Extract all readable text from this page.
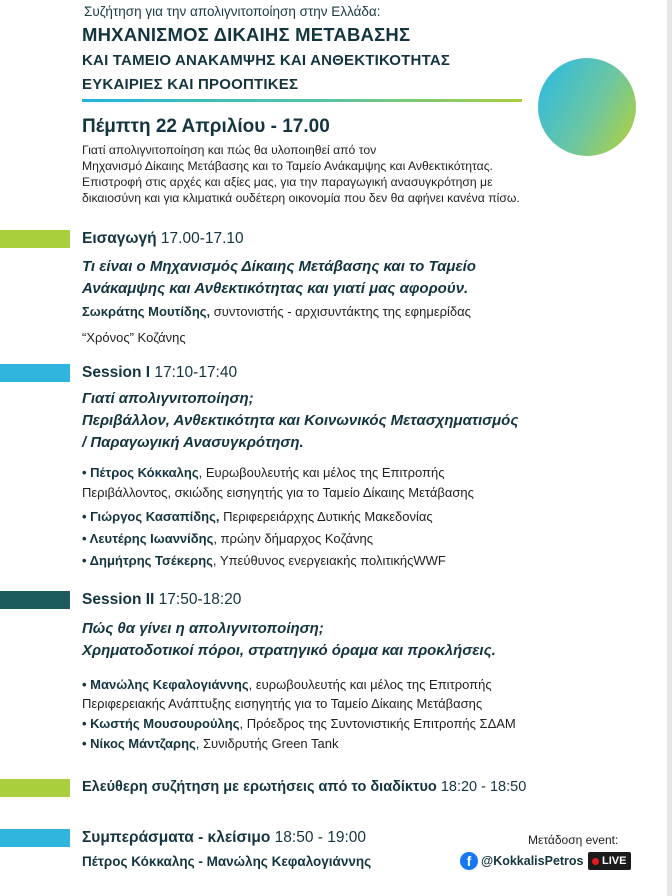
Συζήτηση για την απολιγνιτοποίηση στην Ελλάδα:
ΜΗΧΑΝΙΣΜΟΣ ΔΙΚΑΙΗΣ ΜΕΤΑΒΑΣΗΣ
ΚΑΙ ΤΑΜΕΙΟ ΑΝΑΚΑΜΨΗΣ ΚΑΙ ΑΝΘΕΚΤΙΚΟΤΗΤΑΣ
ΕΥΚΑΙΡΙΕΣ ΚΑΙ ΠΡΟΟΠΤΙΚΕΣ
Πέμπτη 22 Απριλίου - 17.00
Γιατί απολιγνιτοποίηση και πώς θα υλοποιηθεί από τον
Μηχανισμό Δίκαιης Μετάβασης και το Ταμείο Ανάκαμψης και Ανθεκτικότητας.
Επιστροφή στις αρχές και αξίες μας, για την παραγωγική ανασυγκρότηση με
δικαιοσύνη και για κλιματικά ουδέτερη οικονομία που δεν θα αφήνει κανένα πίσω.
Εισαγωγή 17.00-17.10
Τι είναι ο Μηχανισμός Δίκαιης Μετάβασης και το Ταμείο
Ανάκαμψης και Ανθεκτικότητας και γιατί μας αφορούν.
Σωκράτης Μουτίδης, συντονιστής - αρχισυντάκτης της εφημερίδας
“Χρόνος” Κοζάνης
Session I 17:10-17:40
Γιατί απολιγνιτοποίηση;
Περιβάλλον, Ανθεκτικότητα και Κοινωνικός Μετασχηματισμός
/ Παραγωγική Ανασυγκρότηση.
• Πέτρος Κόκκαλης, Ευρωβουλευτής και μέλος της Επιτροπής
Περιβάλλοντος, σκιώδης εισηγητής για το Ταμείο Δίκαιης Μετάβασης
• Γιώργος Κασαπίδης, Περιφερειάρχης Δυτικής Μακεδονίας
• Λευτέρης Ιωαννίδης, πρώην δήμαρχος Κοζάνης
• Δημήτρης Τσέκερης, Υπεύθυνος ενεργειακής πολιτικήςWWF
Session II 17:50-18:20
Πώς θα γίνει η απολιγνιτοποίηση;
Χρηματοδοτικοί πόροι, στρατηγικό όραμα και προκλήσεις.
• Μανώλης Κεφαλογιάννης, ευρωβουλευτής και μέλος της Επιτροπής
Περιφερειακής Ανάπτυξης εισηγητής για το Ταμείο Δίκαιης Μετάβασης
• Κωστής Μουσουρούλης, Πρόεδρος της Συντονιστικής Επιτροπής ΣΔΑΜ
• Νίκος Μάντζαρης, Συνιδρυτής Green Tank
Ελεύθερη συζήτηση με ερωτήσεις από το διαδίκτυο 18:20 - 18:50
Συμπεράσματα - κλείσιμο 18:50 - 19:00
Πέτρος Κόκκαλης - Μανώλης Κεφαλογιάννης
Μετάδοση event:
f @KokkalisPetros	LIVE
